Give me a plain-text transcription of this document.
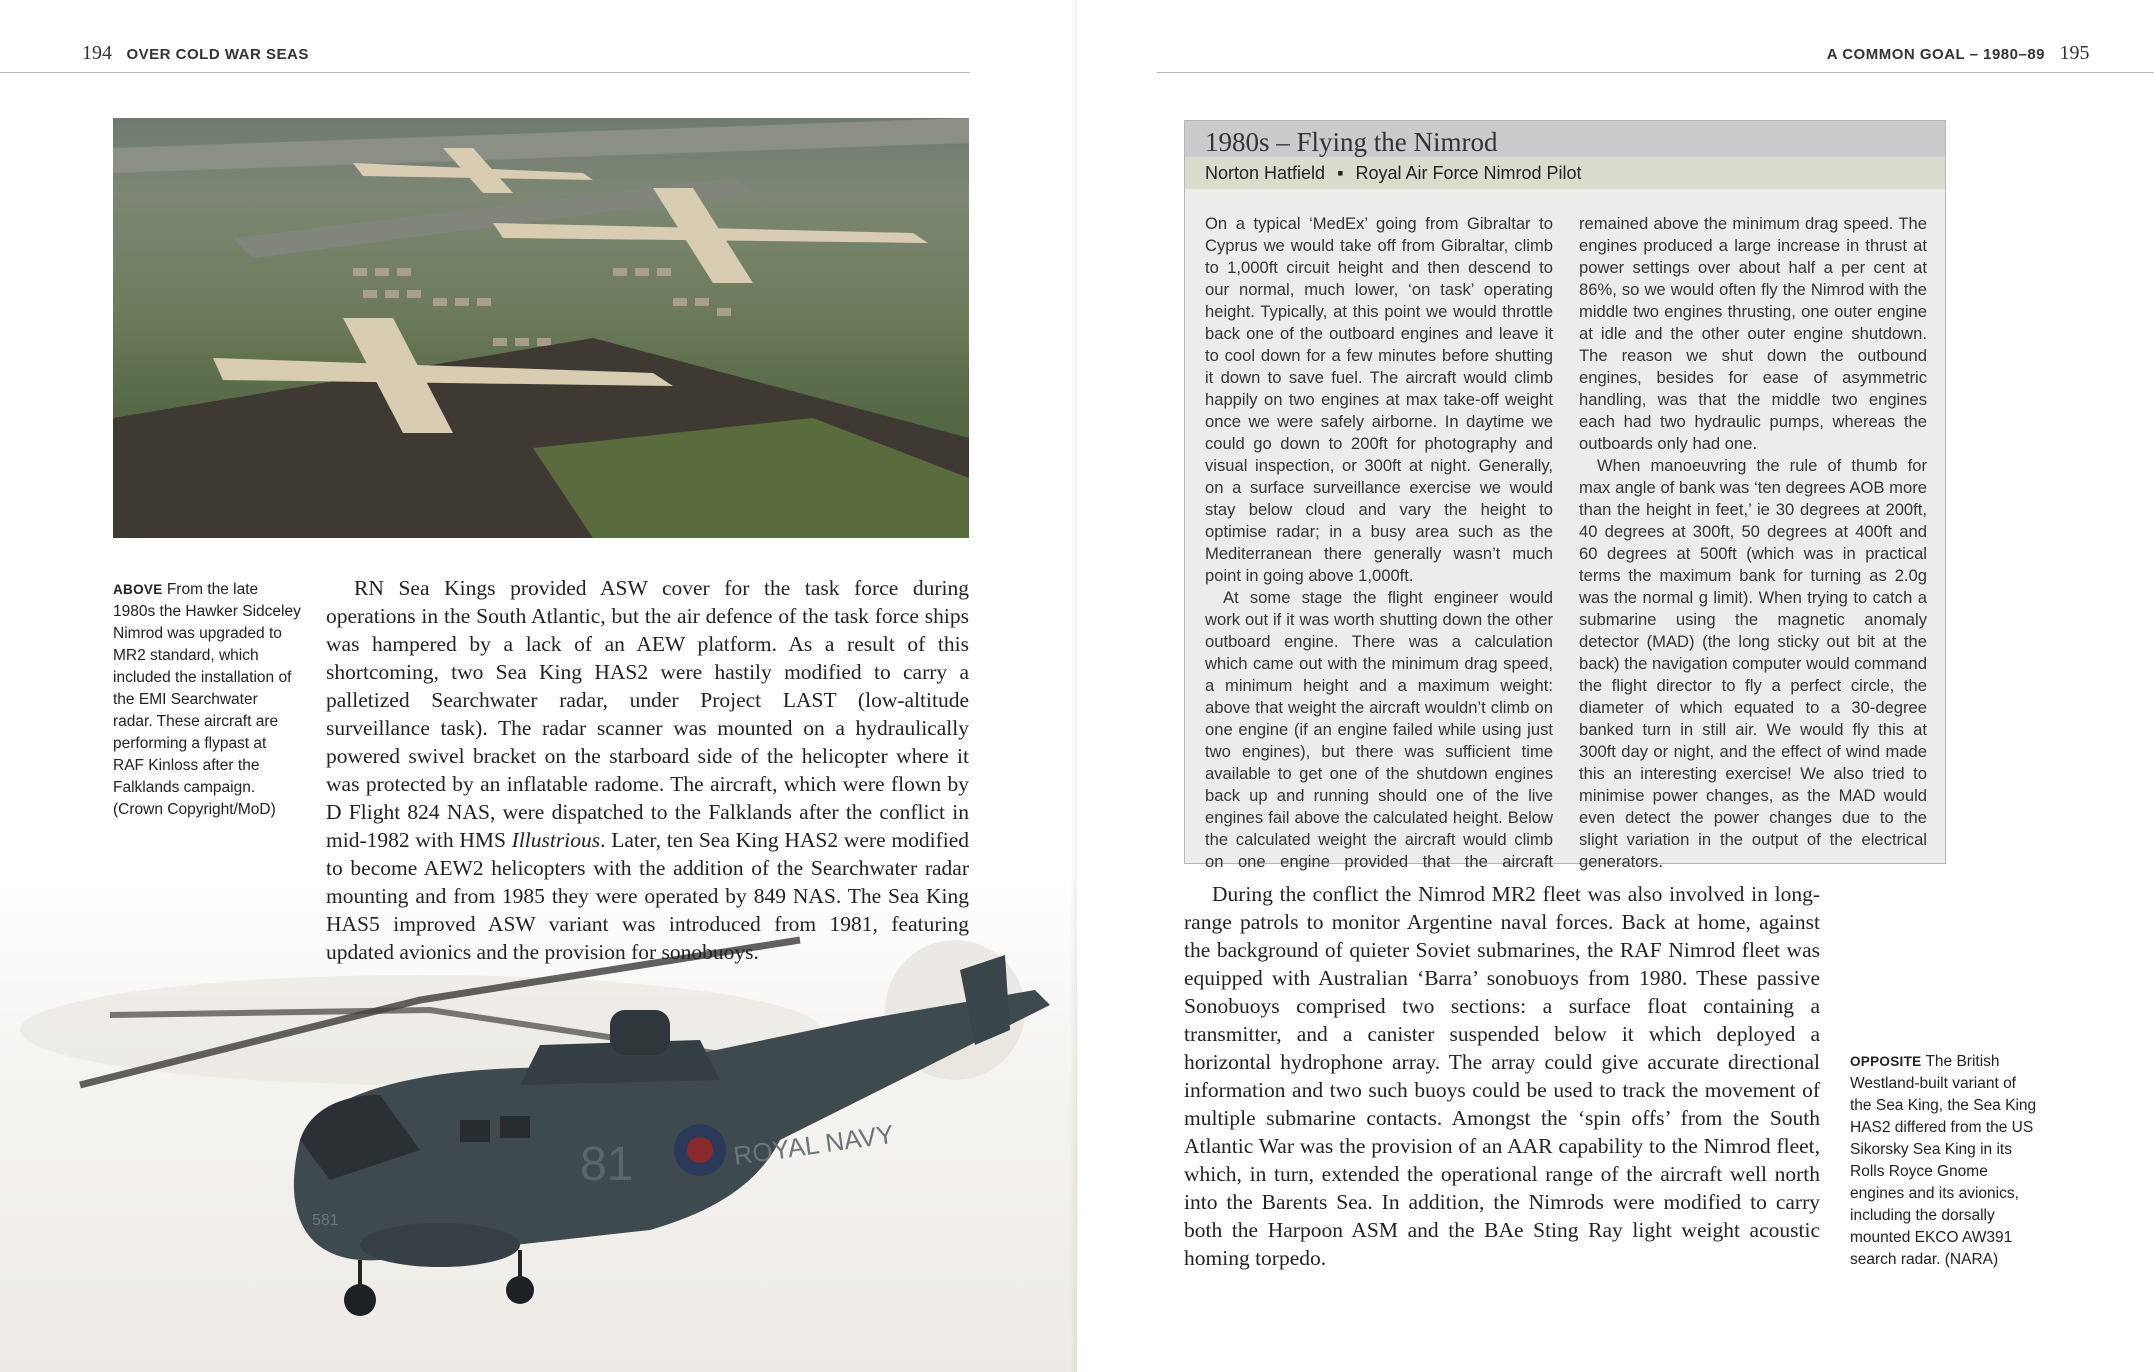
194 OVER COLD WAR SEAS
ROYAL NAVY
81
581
ABOVE From the late 1980s the Hawker Sidceley Nimrod was upgraded to MR2 standard, which included the installation of the EMI Searchwater radar. These aircraft are performing a flypast at RAF Kinloss after the Falklands campaign. (Crown Copyright/MoD)

RN Sea Kings provided ASW cover for the task force during operations in the South Atlantic, but the air defence of the task force ships was hampered by a lack of an AEW platform. As a result of this shortcoming, two Sea King HAS2 were hastily modified to carry a palletized Searchwater radar, under Project LAST (low-altitude surveillance task). The radar scanner was mounted on a hydraulically powered swivel bracket on the starboard side of the helicopter where it was protected by an inflatable radome. The aircraft, which were flown by D Flight 824 NAS, were dispatched to the Falklands after the conflict in mid-1982 with HMS Illustrious. Later, ten Sea King HAS2 were modified to become AEW2 helicopters with the addition of the Searchwater radar mounting and from 1985 they were operated by 849 NAS. The Sea King HAS5 improved ASW variant was introduced from 1981, featuring updated avionics and the provision for sonobuoys.

A COMMON GOAL – 1980–89 195
1980s – Flying the Nimrod
Norton Hatfield ▪ Royal Air Force Nimrod Pilot

On a typical ‘MedEx’ going from Gibraltar to Cyprus we would take off from Gibraltar, climb to 1,000ft circuit height and then descend to our normal, much lower, ‘on task’ operating height. Typically, at this point we would throttle back one of the outboard engines and leave it to cool down for a few minutes before shutting it down to save fuel. The aircraft would climb happily on two engines at max take-off weight once we were safely airborne. In daytime we could go down to 200ft for photography and visual inspection, or 300ft at night. Generally, on a surface surveillance exercise we would stay below cloud and vary the height to optimise radar; in a busy area such as the Mediterranean there generally wasn’t much point in going above 1,000ft.

At some stage the flight engineer would work out if it was worth shutting down the other outboard engine. There was a calculation which came out with the minimum drag speed, a minimum height and a maximum weight: above that weight the aircraft wouldn’t climb on one engine (if an engine failed while using just two engines), but there was sufficient time available to get one of the shutdown engines back up and running should one of the live engines fail above the calculated height. Below the calculated weight the aircraft would climb on one engine provided that the aircraft remained above the minimum drag speed. The engines produced a large increase in thrust at power settings over about half a per cent at 86%, so we would often fly the Nimrod with the middle two engines thrusting, one outer engine at idle and the other outer engine shutdown. The reason we shut down the outbound engines, besides for ease of asymmetric handling, was that the middle two engines each had two hydraulic pumps, whereas the outboards only had one.

When manoeuvring the rule of thumb for max angle of bank was ‘ten degrees AOB more than the height in feet,’ ie 30 degrees at 200ft, 40 degrees at 300ft, 50 degrees at 400ft and 60 degrees at 500ft (which was in practical terms the maximum bank for turning as 2.0g was the normal g limit). When trying to catch a submarine using the magnetic anomaly detector (MAD) (the long sticky out bit at the back) the navigation computer would command the flight director to fly a perfect circle, the diameter of which equated to a 30-degree banked turn in still air. We would fly this at 300ft day or night, and the effect of wind made this an interesting exercise! We also tried to minimise power changes, as the MAD would even detect the power changes due to the slight variation in the output of the electrical generators.

During the conflict the Nimrod MR2 fleet was also involved in long-range patrols to monitor Argentine naval forces. Back at home, against the background of quieter Soviet submarines, the RAF Nimrod fleet was equipped with Australian ‘Barra’ sonobuoys from 1980. These passive Sonobuoys comprised two sections: a surface float containing a transmitter, and a canister suspended below it which deployed a horizontal hydrophone array. The array could give accurate directional information and two such buoys could be used to track the movement of multiple submarine contacts. Amongst the ‘spin offs’ from the South Atlantic War was the provision of an AAR capability to the Nimrod fleet, which, in turn, extended the operational range of the aircraft well north into the Barents Sea. In addition, the Nimrods were modified to carry both the Harpoon ASM and the BAe Sting Ray light weight acoustic homing torpedo.

OPPOSITE The British Westland-built variant of the Sea King, the Sea King HAS2 differed from the US Sikorsky Sea King in its Rolls Royce Gnome engines and its avionics, including the dorsally mounted EKCO AW391 search radar. (NARA)
